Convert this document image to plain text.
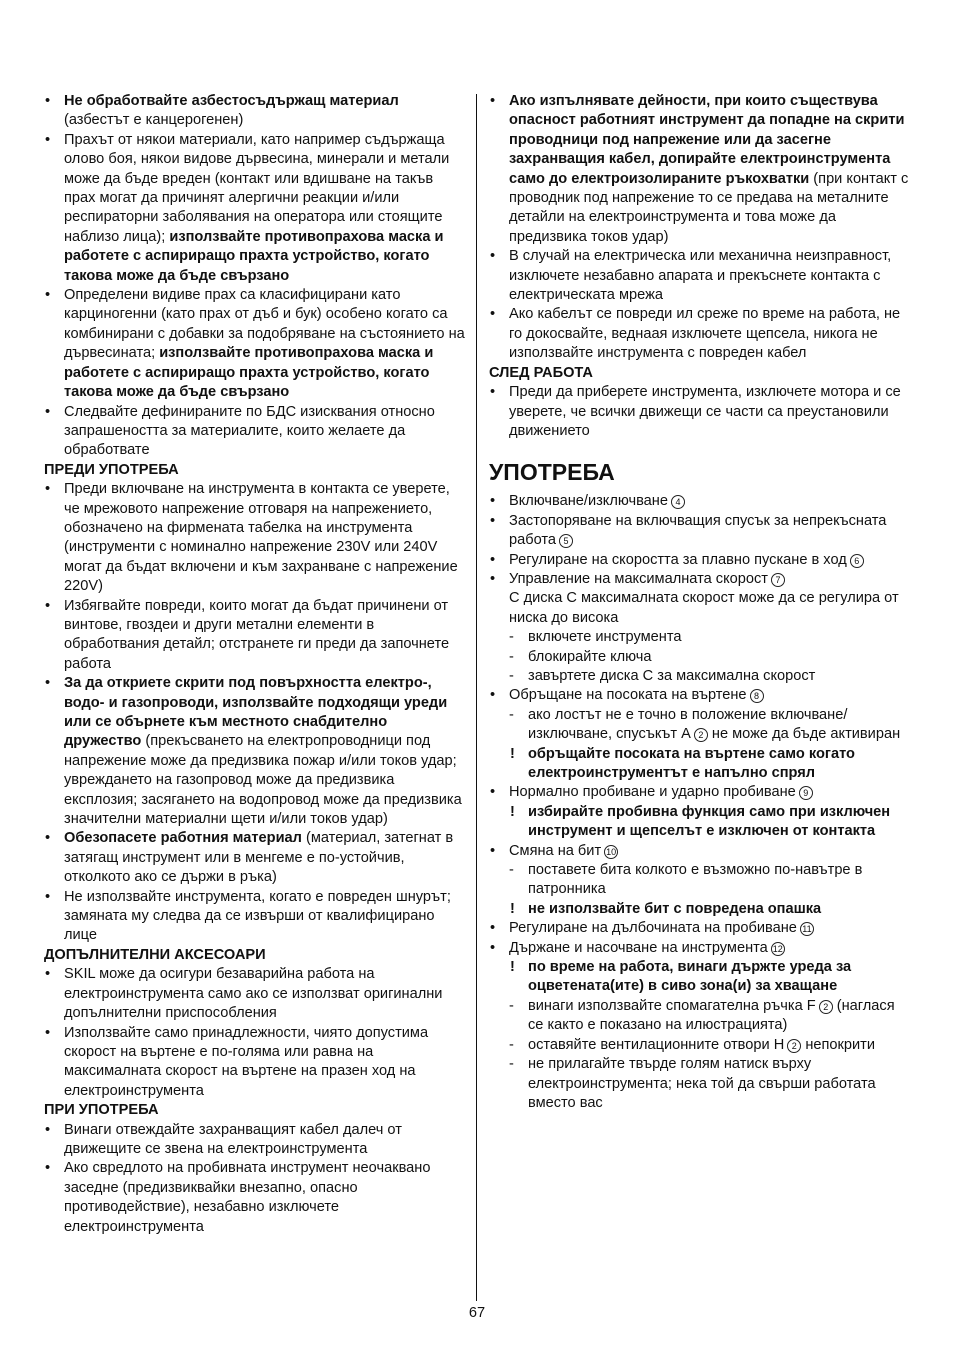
• Не обработвайте азбестосъдържащ материал (азбестът е канцерогенен)
• Прахът от някои материали, като например съдържаща олово боя, някои видове дървесина, минерали и метали може да бъде вреден (контакт или вдишване на такъв прах могат да причинят алергични реакции и/или респираторни заболявания на оператора или стоящите наблизо лица); използвайте противопрахова маска и работете с аспириращо прахта устройство, когато такова може да бъде свързано
• Определени видиве прах са класифицирани като карциногенни (като прах от дъб и бук) особено когато са комбинирани с добавки за подобряване на състоянието на дървесината; използвайте противопрахова маска и работете с аспириращо прахта устройство, когато такова може да бъде свързано
• Следвайте дефинираните по БДС изисквания относно запрашеността за материалите, които желаете да обработвате
ПРЕДИ УПОТРЕБА
• Преди включване на инструмента в контакта се уверете, че мрежовото напрежение отговаря на напрежението, обозначено на фирмената табелка на инструмента (инструменти с номинално напрежение 230V или 240V могат да бъдат включени и към захранване с напрежение 220V)
• Избягвайте повреди, които могат да бъдат причинени от винтове, гвоздеи и други метални елементи в обработвания детайл; отстранете ги преди да започнете работа
• За да откриете скрити под повърхността електро-, водо- и газопроводи, използвайте подходящи уреди или се обърнете към местното снабдително дружество (прекъсването на електропроводници под напрежение може да предизвика пожар и/или токов удар; увреждането на газопровод може да предизвика експлозия; засягането на водопровод може да предизвика значителни материални щети и/или токов удар)
• Обезопасете работния материал (материал, затегнат в затягащ инструмент или в менгеме е по-устойчив, отколкото ако се държи в ръка)
• Не използвайте инструмента, когато е повреден шнурът; замяната му следва да се извърши от квалифицирано лице
ДОПЪЛНИТЕЛНИ АКСЕСОАРИ
• SKIL може да осигури безаварийна работа на електроинструмента само ако се използват оригинални допълнителни приспособления
• Използвайте само принадлежности, чиято допустима скорост на въртене е по-голяма или равна на максималната скорост на въртене на празен ход на електроинструмента
ПРИ УПОТРЕБА
• Винаги отвеждайте захранващият кабел далеч от движещите се звена на електроинструмента
• Ако свредлото на пробивната инструмент неочаквано заседне (предизвиквайки внезапно, опасно противодействие), незабавно изключете електроинструмента
• Ако изпълнявате дейности, при които съществува опасност работният инструмент да попадне на скрити проводници под напрежение или да засегне захранващия кабел, допирайте електроинструмента само до електроизолираните ръкохватки (при контакт с проводник под напрежение то се предава на металните детайли на електроинструмента и това може да предизвика токов удар)
• В случай на електрическа или механична неизправност, изключете незабавно апарата и прекъснете контакта с електрическата мрежа
• Ако кабелът се повреди ил среже по време на работа, не го докосвайте, веднаая изключете щепсела, никога не използвайте инструмента с повреден кабел
СЛЕД РАБОТА
• Преди да приберете инструмента, изключете мотора и се уверете, че всички движещи се части са преустановили движението
УПОТРЕБА
• Включване/изключване 4
• Застопоряване на включващия спусък за непрекъсната работа 5
• Регулиране на скоростта за плавно пускане в ход 6
• Управление на максималната скорост 7
С диска C максималната скорост може да се регулира от ниска до висока
- включете инструмента
- блокирайте ключа
- завъртете диска C за максимална скорост
• Обръщане на посоката на въртене 8
- ако лостът не е точно в положение включване/ изключване, спусъкът A 2 не може да бъде активиран
! обръщайте посоката на въртене само когато електроинструментът е напълно спрял
• Нормално пробиване и ударно пробиване 9
! избирайте пробивна функция само при изключен инструмент и щепселът е изключен от контакта
• Смяна на бит 10
- поставете бита колкото е възможно по-навътре в патронника
! не използвайте бит с повредена опашка
• Регулиране на дълбочината на пробиване 11
• Държане и насочване на инструмента 12
! по време на работа, винаги държте уреда за оцветената(ите) в сиво зона(и) за хващане
- винаги използвайте спомагателна ръчка F 2 (наглася се както е показано на илюстрацията)
- оставяйте вентилационните отвори H 2 непокрити
- не прилагайте твърде голям натиск върху електроинструмента; нека той да свърши работата вместо вас
67
